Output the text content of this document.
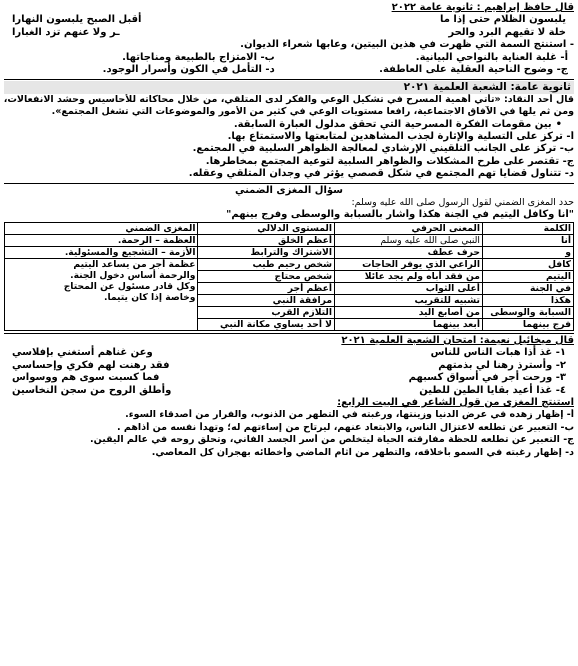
قال حافظ إبراهيم : ثانوية عامة ٢٠٢٢
يلبسون الظلام حتى إذا ما
أقبل الصبح يلبسون النهارا
خلة لا تقيهم البرد والحر
ـر ولا عنهم تزد الغبارا
- استنتج السمة التي ظهرت في هذين البيتين، وعابها شعراء الديوان.
أ- غلبة العناية بالنواحي البيانية.
ب- الامتزاج بالطبيعة ومناجاتها.
ج- وضوح الناحية العقلية على العاطفة.
د- التأمل في الكون وأسرار الوجود.
ثانوية عامة: الشعبة العلمية ٢٠٢١
قال أحد النقاد: «تأتي أهمية المسرح في تشكيل الوعي والفكر لدى المتلقي، من خلال محاكاته للأحاسيس وحشد الانفعالات،
ومن ثم يلها في الآفاق الاجتماعية، رافعا مستويات الوعي في كثير من الأمور والموضوعات التي تشغل المجتمع».
• بين مقومات الفكرة المسرحية التي تحقق مدلول العبارة السابقة.
أ- تركز على التسلية والإثارة لجذب المشاهدين لمتابعتها والاستمتاع بها.
ب- تركز على الجانب التلقيني الإرشادي لمعالجة الظواهر السلبية في المجتمع.
ج- تقتصر على طرح المشكلات والظواهر السلبية لتوعية المجتمع بمخاطرها.
د- تتناول قضايا تهم المجتمع في شكل قصصي يؤثر في وجدان المتلقي وعقله.
سؤال المغزى الضمني
حدد المغزى الضمني لقول الرسول صلى الله عليه وسلم:
"أنا وكافل اليتيم في الجنة هكذا وأشار بالسبابة والوسطى وفرج بينهم"
الكلمة	المعنى الحرفي	المستوى الدلالي	المغزى الضمني
أنا	النبي صلى الله عليه وسلم	أعظم الخلق	العظمة – الرحمة.
و	حرف عطف	الاشتراك والترابط	الأزمة – التشجيع والمسئولية.
كافل	الراعي الذي يوفر الحاجات	شخص رحيم طيب	عظمة أجر من يساعد اليتيم
والرحمة أساس دخول الجنة.
وكل قادر مسئول عن المحتاج
وخاصة إذا كان يتيما.

اليتيم	من فقد أباه ولم يجد عائلا	شخص محتاج	
في الجنة	أعلى الثواب	أعظم أجر	
هكذا	تشبيه للتقريب	مرافقة النبي	
السبابة والوسطى	من أصابع اليد	التلازم القرب	
فرج بينهما	أبعد بينهما	لا أحد يساوي مكانة النبي	
قال ميخائيل نعيمة: امتحان الشعبة العلمية ٢٠٢١
١- غذ أذا هبات الناس للناس
وعن غناهم أستغني بإفلاسي
٢- وأسترذ رهنا لي بذمتهم
فقد رهنت لهم فكري وإحساسي
٣- ورحت أجر في أسواق كسبهم
فما كسبت سوى هم ووسواس
٤- غذا أعيد بقايا الطين للطين
وأطلق الروح من سجن النخاسين
استنتج المغزى من قول الشاعر في البيت الرابع:
أ- إظهار زهده في عرض الدنيا وزينتها، ورغبته في التطهر من الذنوب، والفرار من أصدقاء السوء.
ب- التعبير عن تطلعه لاعتزال الناس، والابتعاد عنهم، ليرتاح من إساءتهم له؛ وتهدأ نفسه من أذاهم .
ج- التعبير عن تطلعه للحظة مفارقته الحياة ليتخلص من أسر الجسد الفاني، وتحلق روحه في عالم اليقين.
د- إظهار رغبته في السمو بأخلاقه، والتطهر من آثام الماضي وأخطائه بهجران كل المعاصي.
